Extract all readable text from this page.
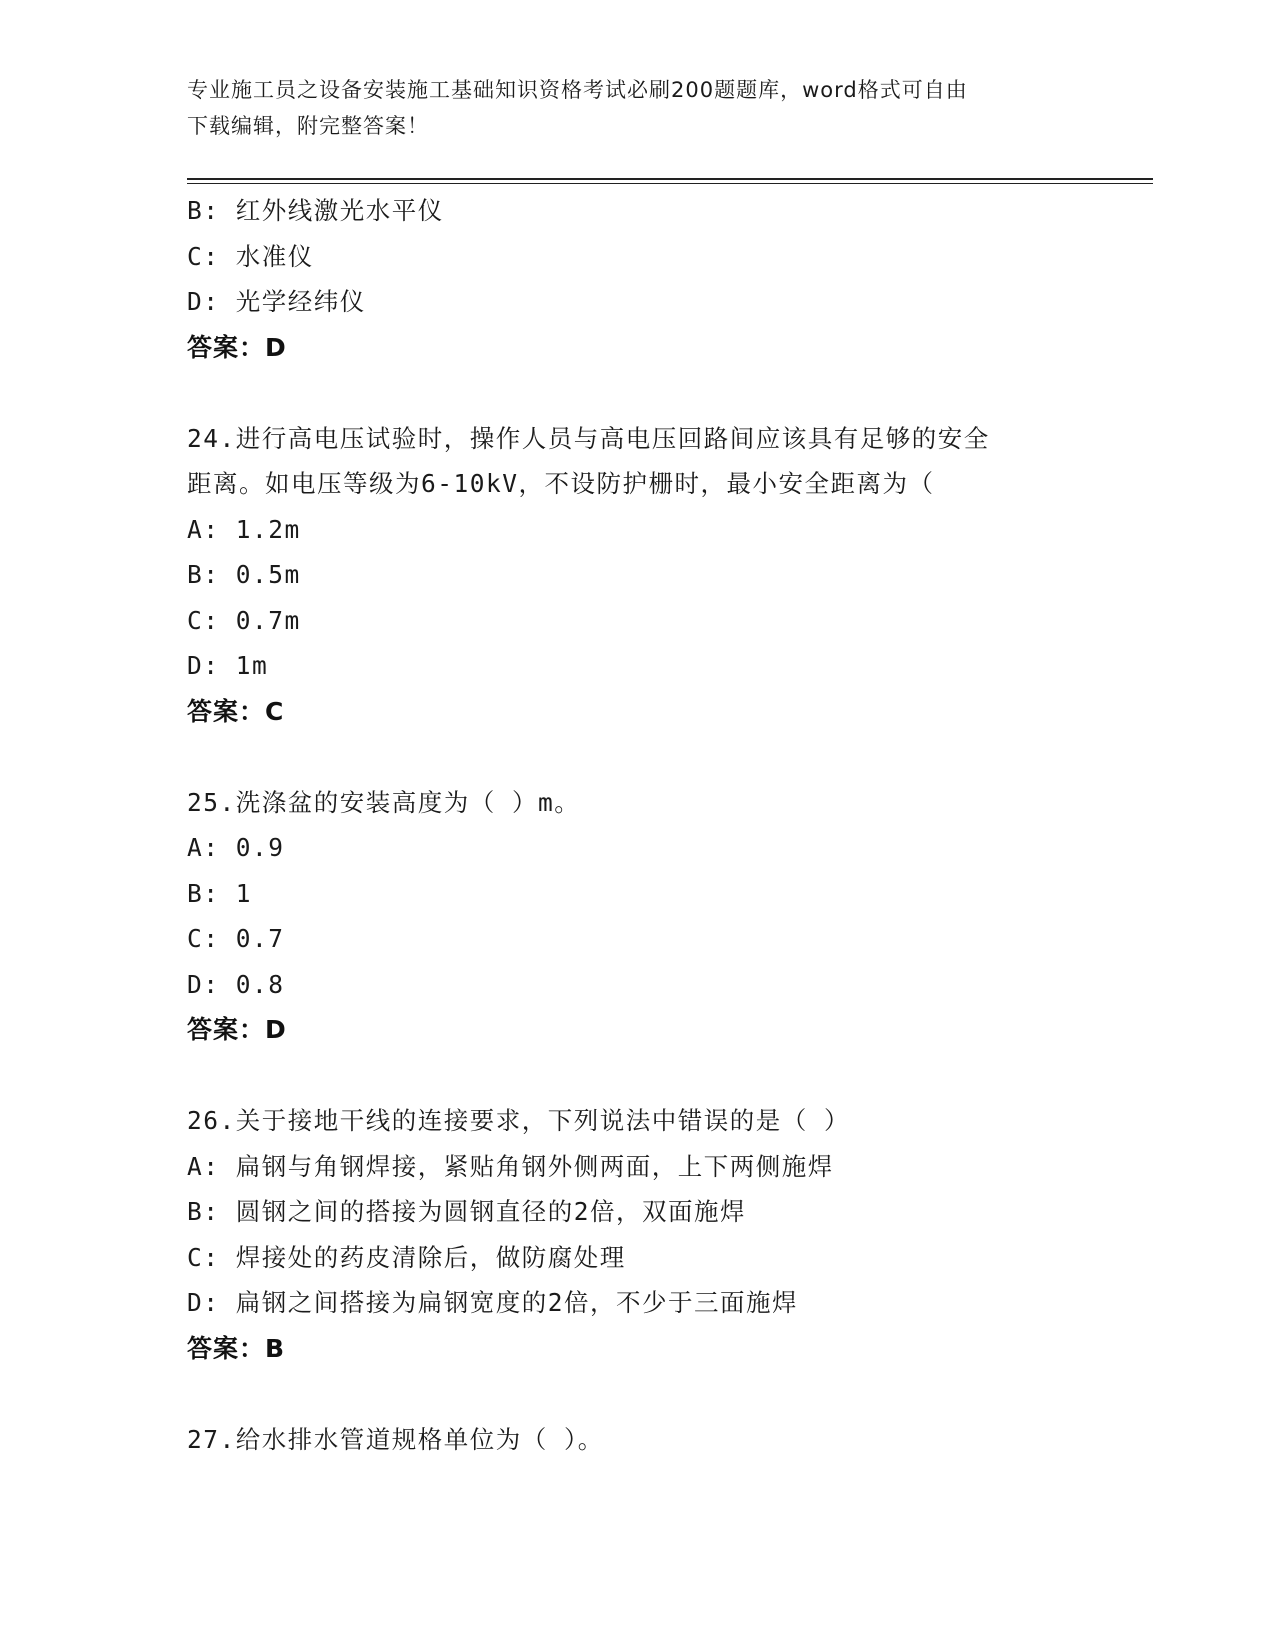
专业施工员之设备安装施工基础知识资格考试必刷200题题库，word格式可自由
下载编辑，附完整答案！
B: 红外线激光水平仪
C: 水准仪
D: 光学经纬仪
答案：D
24.进行高电压试验时，操作人员与高电压回路间应该具有足够的安全
距离。如电压等级为6-10kV，不设防护栅时，最小安全距离为（
A: 1.2m
B: 0.5m
C: 0.7m
D: 1m
答案：C
25.洗涤盆的安装高度为（ ）m。
A: 0.9
B: 1
C: 0.7
D: 0.8
答案：D
26.关于接地干线的连接要求，下列说法中错误的是（ ）
A: 扁钢与角钢焊接，紧贴角钢外侧两面，上下两侧施焊
B: 圆钢之间的搭接为圆钢直径的2倍，双面施焊
C: 焊接处的药皮清除后，做防腐处理
D: 扁钢之间搭接为扁钢宽度的2倍，不少于三面施焊
答案：B
27.给水排水管道规格单位为（ ）。
